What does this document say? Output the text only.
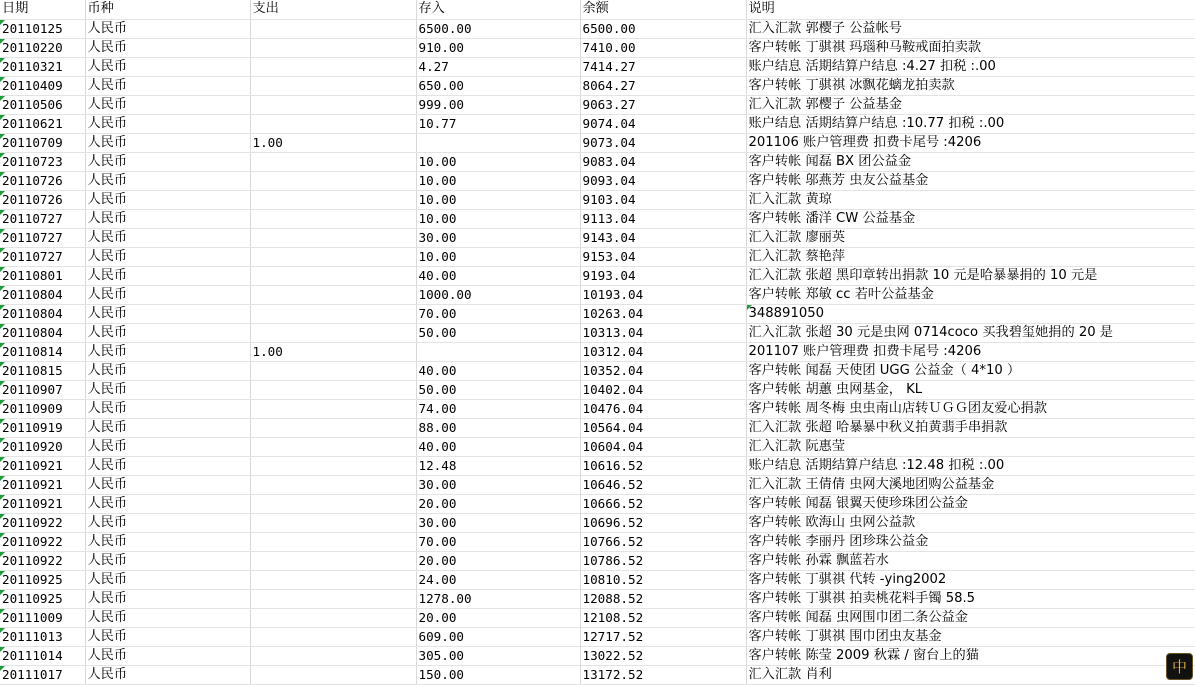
日期	币种	支出	存入	余额	说明
20110125	人民币		6500.00	6500.00	汇入汇款 郭樱子 公益帐号
20110220	人民币		910.00	7410.00	客户转帐 丁骐祺 玛瑙种马鞍戒面拍卖款
20110321	人民币		4.27	7414.27	账户结息 活期结算户结息 :4.27 扣税 :.00
20110409	人民币		650.00	8064.27	客户转帐 丁骐祺 冰飘花螭龙拍卖款
20110506	人民币		999.00	9063.27	汇入汇款 郭樱子 公益基金
20110621	人民币		10.77	9074.04	账户结息 活期结算户结息 :10.77 扣税 :.00
20110709	人民币	1.00		9073.04	201106 账户管理费 扣费卡尾号 :4206
20110723	人民币		10.00	9083.04	客户转帐 闻磊 BX 团公益金
20110726	人民币		10.00	9093.04	客户转帐 邬燕芳 虫友公益基金
20110726	人民币		10.00	9103.04	汇入汇款 黄琼
20110727	人民币		10.00	9113.04	客户转帐 潘洋 CW 公益基金
20110727	人民币		30.00	9143.04	汇入汇款 廖丽英
20110727	人民币		10.00	9153.04	汇入汇款 蔡艳萍
20110801	人民币		40.00	9193.04	汇入汇款 张超 黑印章转出捐款 10 元是哈暴暴捐的 10 元是
20110804	人民币		1000.00	10193.04	客户转帐 郑敏 cc 若叶公益基金
20110804	人民币		70.00	10263.04	348891050
20110804	人民币		50.00	10313.04	汇入汇款 张超 30 元是虫网 0714coco 买我碧玺她捐的 20 是
20110814	人民币	1.00		10312.04	201107 账户管理费 扣费卡尾号 :4206
20110815	人民币		40.00	10352.04	客户转帐 闻磊 天使团 UGG 公益金（ 4*10 ）
20110907	人民币		50.00	10402.04	客户转帐 胡蕙 虫网基金， KL
20110909	人民币		74.00	10476.04	客户转帐 周冬梅 虫虫南山店转ＵＧＧ团友爱心捐款
20110919	人民币		88.00	10564.04	汇入汇款 张超 哈暴暴中秋义拍黄翡手串捐款
20110920	人民币		40.00	10604.04	汇入汇款 阮惠莹
20110921	人民币		12.48	10616.52	账户结息 活期结算户结息 :12.48 扣税 :.00
20110921	人民币		30.00	10646.52	汇入汇款 王倩倩 虫网大溪地团购公益基金
20110921	人民币		20.00	10666.52	客户转帐 闻磊 银翼天使珍珠团公益金
20110922	人民币		30.00	10696.52	客户转帐 欧海山 虫网公益款
20110922	人民币		70.00	10766.52	客户转帐 李丽丹 团珍珠公益金
20110922	人民币		20.00	10786.52	客户转帐 孙霖 飘蓝若水
20110925	人民币		24.00	10810.52	客户转帐 丁骐祺 代转 -ying2002
20110925	人民币		1278.00	12088.52	客户转帐 丁骐祺 拍卖桃花料手镯 58.5
20111009	人民币		20.00	12108.52	客户转帐 闻磊 虫网围巾团二条公益金
20111013	人民币		609.00	12717.52	客户转帐 丁骐祺 围巾团虫友基金
20111014	人民币		305.00	13022.52	客户转帐 陈莹 2009 秋霖 / 窗台上的猫
20111017	人民币		150.00	13172.52	汇入汇款 肖利	中
